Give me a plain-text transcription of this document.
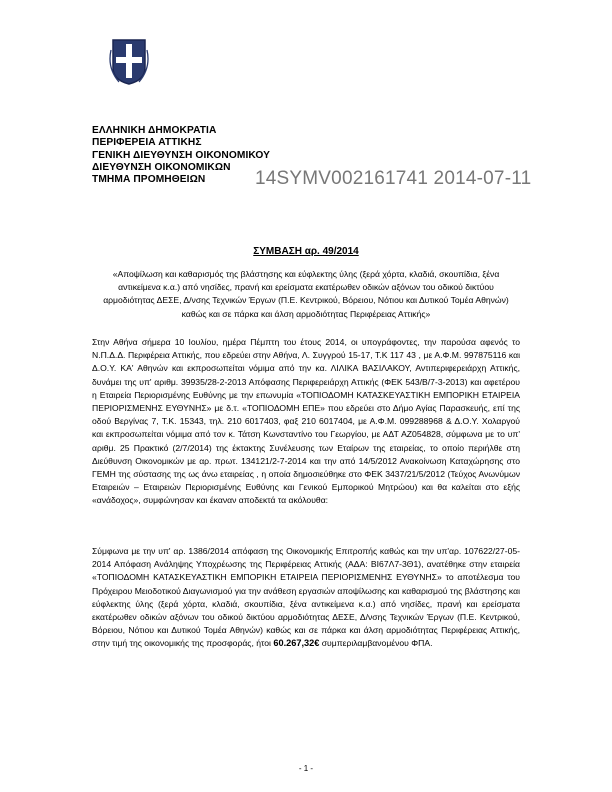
ΕΛΛΗΝΙΚΗ ΔΗΜΟΚΡΑΤΙΑ
ΠΕΡΙΦΕΡΕΙΑ ΑΤΤΙΚΗΣ
ΓΕΝΙΚΗ ΔΙΕΥΘΥΝΣΗ ΟΙΚΟΝΟΜΙΚΟΥ
ΔΙΕΥΘΥΝΣΗ ΟΙΚΟΝΟΜΙΚΩΝ
ΤΜΗΜΑ ΠΡΟΜΗΘΕΙΩΝ	14SYMV002161741 2014-07-11
ΣΥΜΒΑΣΗ αρ. 49/2014
«Αποψίλωση και καθαρισμός της βλάστησης και εύφλεκτης ύλης (ξερά χόρτα, κλαδιά, σκουπίδια, ξένα αντικείμενα κ.α.) από νησίδες, πρανή και ερείσματα εκατέρωθεν οδικών αξόνων του οδικού δικτύου αρμοδιότητας ΔΕΣΕ, Δ/νσης Τεχνικών Έργων (Π.Ε. Κεντρικού, Βόρειου, Νότιου και Δυτικού Τομέα Αθηνών) καθώς και σε πάρκα και άλση αρμοδιότητας Περιφέρειας Αττικής»
Στην Αθήνα σήμερα 10 Ιουλίου, ημέρα Πέμπτη του έτους 2014, οι υπογράφοντες, την παρούσα αφενός το Ν.Π.Δ.Δ. Περιφέρεια Αττικής, που εδρεύει στην Αθήνα, Λ. Συγγρού 15-17, Τ.Κ 117 43 , με Α.Φ.Μ. 997875116 και Δ.Ο.Υ. ΚΑ' Αθηνών και εκπροσωπείται νόμιμα από την κα. ΛΙΛΙΚΑ ΒΑΣΙΛΑΚΟΥ, Αντιπεριφερειάρχη Αττικής, δυνάμει της υπ' αριθμ. 39935/28-2-2013 Απόφασης Περιφερειάρχη Αττικής (ΦΕΚ 543/Β/7-3-2013) και αφετέρου η Εταιρεία Περιορισμένης Ευθύνης με την επωνυμία «ΤΟΠΙΟΔΟΜΗ ΚΑΤΑΣΚΕΥΑΣΤΙΚΗ ΕΜΠΟΡΙΚΗ ΕΤΑΙΡΕΙΑ ΠΕΡΙΟΡΙΣΜΕΝΗΣ ΕΥΘΥΝΗΣ» με δ.τ. «ΤΟΠΙΟΔΟΜΗ ΕΠΕ» που εδρεύει στο Δήμο Αγίας Παρασκευής, επί της οδού Βεργίνας 7, Τ.Κ. 15343, τηλ. 210 6017403, φαξ 210 6017404, με Α.Φ.Μ. 099288968 & Δ.Ο.Υ. Χολαργού και εκπροσωπείται νόμιμα από τον κ. Τάτση Κωνσταντίνο του Γεωργίου, με ΑΔΤ ΑΖ054828, σύμφωνα με το υπ' αριθμ. 25 Πρακτικό (2/7/2014) της έκτακτης Συνέλευσης των Εταίρων της εταιρείας, το οποίο περιήλθε στη Διεύθυνση Οικονομικών με αρ. πρωτ. 134121/2-7-2014 και την από 14/5/2012 Ανακοίνωση Καταχώρησης στο ΓΕΜΗ της σύστασης της ως άνω εταιρείας , η οποία δημοσιεύθηκε στο ΦΕΚ 3437/21/5/2012 (Τεύχος Ανωνύμων Εταιρειών – Εταιρειών Περιορισμένης Ευθύνης και Γενικού Εμπορικού Μητρώου) και θα καλείται στο εξής «ανάδοχος», συμφώνησαν και έκαναν αποδεκτά τα ακόλουθα:
Σύμφωνα με την υπ' αρ. 1386/2014 απόφαση της Οικονομικής Επιτροπής καθώς και την υπ'αρ. 107622/27-05-2014 Απόφαση Ανάληψης Υποχρέωσης της Περιφέρειας Αττικής (ΑΔΑ: ΒΙ67Λ7-3Θ1), ανατέθηκε στην εταιρεία «ΤΟΠΙΟΔΟΜΗ ΚΑΤΑΣΚΕΥΑΣΤΙΚΗ ΕΜΠΟΡΙΚΗ ΕΤΑΙΡΕΙΑ ΠΕΡΙΟΡΙΣΜΕΝΗΣ ΕΥΘΥΝΗΣ» το αποτέλεσμα του Πρόχειρου Μειοδοτικού Διαγωνισμού για την ανάθεση εργασιών αποψίλωσης και καθαρισμού της βλάστησης και εύφλεκτης ύλης (ξερά χόρτα, κλαδιά, σκουπίδια, ξένα αντικείμενα κ.α.) από νησίδες, πρανή και ερείσματα εκατέρωθεν οδικών αξόνων του οδικού δικτύου αρμοδιότητας ΔΕΣΕ, Δ/νσης Τεχνικών Έργων (Π.Ε. Κεντρικού, Βόρειου, Νότιου και Δυτικού Τομέα Αθηνών) καθώς και σε πάρκα και άλση αρμοδιότητας Περιφέρειας Αττικής, στην τιμή της οικονομικής της προσφοράς, ήτοι 60.267,32€ συμπεριλαμβανομένου ΦΠΑ.
- 1 -
